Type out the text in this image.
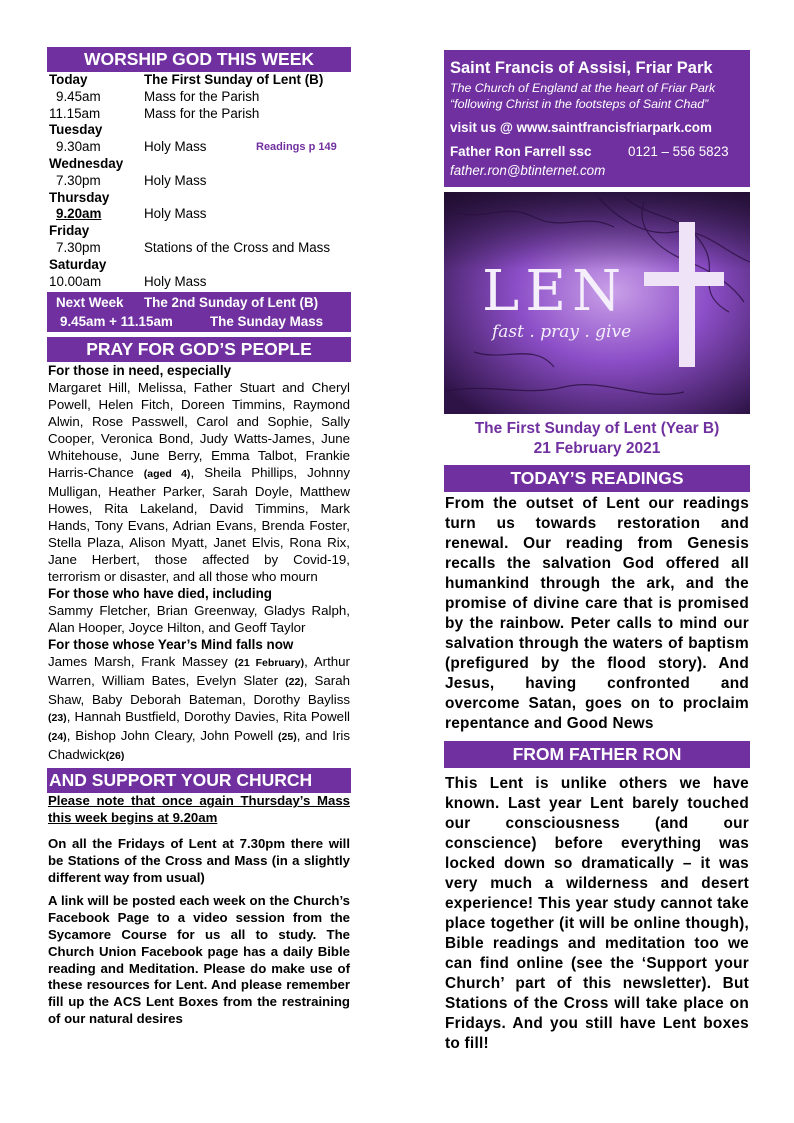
WORSHIP GOD THIS WEEK
Today	The First Sunday of Lent (B)
9.45am	Mass for the Parish
11.15am	Mass for the Parish
Tuesday
9.30am	Holy Mass	Readings p 149
Wednesday
7.30pm	Holy Mass
Thursday
9.20am	Holy Mass
Friday
7.30pm	Stations of the Cross and Mass
Saturday
10.00am	Holy Mass
Next Week The 2nd Sunday of Lent (B)
9.45am + 11.15am	The Sunday Mass
PRAY FOR GOD’S PEOPLE

For those in need, especially

Margaret Hill, Melissa, Father Stuart and Cheryl Powell, Helen Fitch, Doreen Timmins, Raymond Alwin, Rose Passwell, Carol and Sophie, Sally Cooper, Veronica Bond, Judy Watts-James, June Whitehouse, June Berry, Emma Talbot, Frankie Harris-Chance (aged 4), Sheila Phillips, Johnny Mulligan, Heather Parker, Sarah Doyle, Matthew Howes, Rita Lakeland, David Timmins, Mark Hands, Tony Evans, Adrian Evans, Brenda Foster, Stella Plaza, Alison Myatt, Janet Elvis, Rona Rix, Jane Herbert, those affected by Covid-19, terrorism or disaster, and all those who mourn

For those who have died, including

Sammy Fletcher, Brian Greenway, Gladys Ralph, Alan Hooper, Joyce Hilton, and Geoff Taylor

For those whose Year’s Mind falls now

James Marsh, Frank Massey (21 February), Arthur Warren, William Bates, Evelyn Slater (22), Sarah Shaw, Baby Deborah Bateman, Dorothy Bayliss (23), Hannah Bustfield, Dorothy Davies, Rita Powell (24), Bishop John Cleary, John Powell (25), and Iris Chadwick(26)

AND SUPPORT YOUR CHURCH

Please note that once again Thursday’s Mass this week begins at 9.20am

On all the Fridays of Lent at 7.30pm there will be Stations of the Cross and Mass (in a slightly different way from usual)

A link will be posted each week on the Church’s Facebook Page to a video session from the Sycamore Course for us all to study. The Church Union Facebook page has a daily Bible reading and Meditation. Please do make use of these resources for Lent. And please remember fill up the ACS Lent Boxes from the restraining of our natural desires

Saint Francis of Assisi, Friar Park
The Church of England at the heart of Friar Park
“following Christ in the footsteps of Saint Chad”
visit us @ www.saintfrancisfriarpark.com
Father Ron Farrell ssc	0121 – 556 5823
father.ron@btinternet.com
LEN
fast . pray . give
The First Sunday of Lent (Year B)
21 February 2021
TODAY’S READINGS
From the outset of Lent our readings turn us towards restoration and renewal. Our reading from Genesis recalls the salvation God offered all humankind through the ark, and the promise of divine care that is promised by the rainbow. Peter calls to mind our salvation through the waters of baptism (prefigured by the flood story). And Jesus, having confronted and overcome Satan, goes on to proclaim repentance and Good News
FROM FATHER RON
This Lent is unlike others we have known. Last year Lent barely touched our consciousness (and our conscience) before everything was locked down so dramatically – it was very much a wilderness and desert experience! This year study cannot take place together (it will be online though), Bible readings and meditation too we can find online (see the ‘Support your Church’ part of this newsletter). But Stations of the Cross will take place on Fridays. And you still have Lent boxes to fill!
